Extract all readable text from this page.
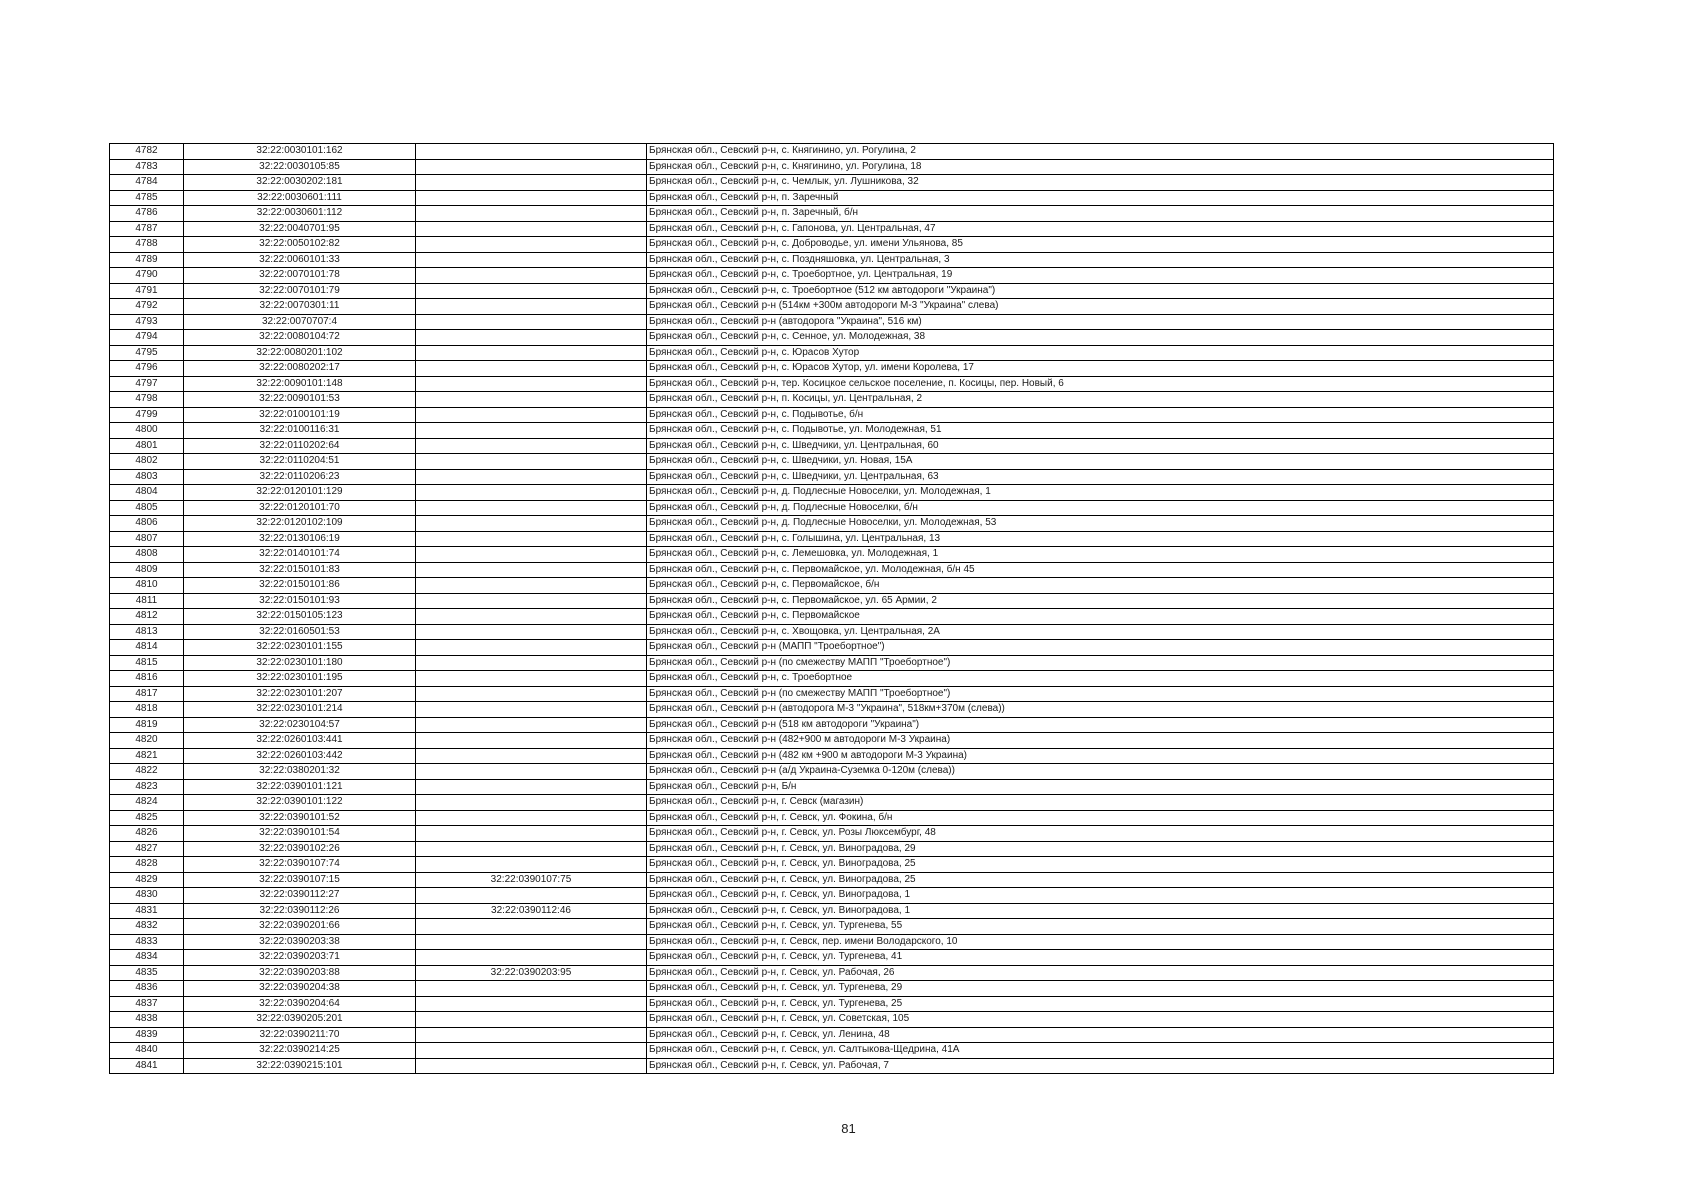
4782	32:22:0030101:162		Брянская обл., Севский р-н, с. Княгинино, ул. Рогулина, 2
4783	32:22:0030105:85		Брянская обл., Севский р-н, с. Княгинино, ул. Рогулина, 18
4784	32:22:0030202:181		Брянская обл., Севский р-н, с. Чемлык, ул. Лушникова, 32
4785	32:22:0030601:111		Брянская обл., Севский р-н, п. Заречный
4786	32:22:0030601:112		Брянская обл., Севский р-н, п. Заречный, б/н
4787	32:22:0040701:95		Брянская обл., Севский р-н, с. Гапонова, ул. Центральная, 47
4788	32:22:0050102:82		Брянская обл., Севский р-н, с. Доброводье, ул. имени Ульянова, 85
4789	32:22:0060101:33		Брянская обл., Севский р-н, с. Поздняшовка, ул. Центральная, 3
4790	32:22:0070101:78		Брянская обл., Севский р-н, с. Троебортное, ул. Центральная, 19
4791	32:22:0070101:79		Брянская обл., Севский р-н, с. Троебортное (512 км автодороги "Украина")
4792	32:22:0070301:11		Брянская обл., Севский р-н (514км +300м автодороги М-3 "Украина" слева)
4793	32:22:0070707:4		Брянская обл., Севский р-н (автодорога "Украина", 516 км)
4794	32:22:0080104:72		Брянская обл., Севский р-н, с. Сенное, ул. Молодежная, 38
4795	32:22:0080201:102		Брянская обл., Севский р-н, с. Юрасов Хутор
4796	32:22:0080202:17		Брянская обл., Севский р-н, с. Юрасов Хутор, ул. имени Королева, 17
4797	32:22:0090101:148		Брянская обл., Севский р-н, тер. Косицкое сельское поселение, п. Косицы, пер. Новый, 6
4798	32:22:0090101:53		Брянская обл., Севский р-н, п. Косицы, ул. Центральная, 2
4799	32:22:0100101:19		Брянская обл., Севский р-н, с. Подывотье, б/н
4800	32:22:0100116:31		Брянская обл., Севский р-н, с. Подывотье, ул. Молодежная, 51
4801	32:22:0110202:64		Брянская обл., Севский р-н, с. Шведчики, ул. Центральная, 60
4802	32:22:0110204:51		Брянская обл., Севский р-н, с. Шведчики, ул. Новая, 15А
4803	32:22:0110206:23		Брянская обл., Севский р-н, с. Шведчики, ул. Центральная, 63
4804	32:22:0120101:129		Брянская обл., Севский р-н, д. Подлесные Новоселки, ул. Молодежная, 1
4805	32:22:0120101:70		Брянская обл., Севский р-н, д. Подлесные Новоселки, б/н
4806	32:22:0120102:109		Брянская обл., Севский р-н, д. Подлесные Новоселки, ул. Молодежная, 53
4807	32:22:0130106:19		Брянская обл., Севский р-н, с. Голышина, ул. Центральная, 13
4808	32:22:0140101:74		Брянская обл., Севский р-н, с. Лемешовка, ул. Молодежная, 1
4809	32:22:0150101:83		Брянская обл., Севский р-н, с. Первомайское, ул. Молодежная, б/н 45
4810	32:22:0150101:86		Брянская обл., Севский р-н, с. Первомайское, б/н
4811	32:22:0150101:93		Брянская обл., Севский р-н, с. Первомайское, ул. 65 Армии, 2
4812	32:22:0150105:123		Брянская обл., Севский р-н, с. Первомайское
4813	32:22:0160501:53		Брянская обл., Севский р-н, с. Хвощовка, ул. Центральная, 2А
4814	32:22:0230101:155		Брянская обл., Севский р-н (МАПП "Троебортное")
4815	32:22:0230101:180		Брянская обл., Севский р-н (по смежеству МАПП "Троебортное")
4816	32:22:0230101:195		Брянская обл., Севский р-н, с. Троебортное
4817	32:22:0230101:207		Брянская обл., Севский р-н (по смежеству МАПП "Троебортное")
4818	32:22:0230101:214		Брянская обл., Севский р-н (автодорога М-3 "Украина", 518км+370м (слева))
4819	32:22:0230104:57		Брянская обл., Севский р-н (518 км автодороги "Украина")
4820	32:22:0260103:441		Брянская обл., Севский р-н (482+900 м автодороги М-3 Украина)
4821	32:22:0260103:442		Брянская обл., Севский р-н (482 км +900 м автодороги М-3 Украина)
4822	32:22:0380201:32		Брянская обл., Севский р-н (а/д Украина-Суземка 0-120м (слева))
4823	32:22:0390101:121		Брянская обл., Севский р-н, Б/н
4824	32:22:0390101:122		Брянская обл., Севский р-н, г. Севск (магазин)
4825	32:22:0390101:52		Брянская обл., Севский р-н, г. Севск, ул. Фокина, б/н
4826	32:22:0390101:54		Брянская обл., Севский р-н, г. Севск, ул. Розы Люксембург, 48
4827	32:22:0390102:26		Брянская обл., Севский р-н, г. Севск, ул. Виноградова, 29
4828	32:22:0390107:74		Брянская обл., Севский р-н, г. Севск, ул. Виноградова, 25
4829	32:22:0390107:15	32:22:0390107:75	Брянская обл., Севский р-н, г. Севск, ул. Виноградова, 25
4830	32:22:0390112:27		Брянская обл., Севский р-н, г. Севск, ул. Виноградова, 1
4831	32:22:0390112:26	32:22:0390112:46	Брянская обл., Севский р-н, г. Севск, ул. Виноградова, 1
4832	32:22:0390201:66		Брянская обл., Севский р-н, г. Севск, ул. Тургенева, 55
4833	32:22:0390203:38		Брянская обл., Севский р-н, г. Севск, пер. имени Володарского, 10
4834	32:22:0390203:71		Брянская обл., Севский р-н, г. Севск, ул. Тургенева, 41
4835	32:22:0390203:88	32:22:0390203:95	Брянская обл., Севский р-н, г. Севск, ул. Рабочая, 26
4836	32:22:0390204:38		Брянская обл., Севский р-н, г. Севск, ул. Тургенева, 29
4837	32:22:0390204:64		Брянская обл., Севский р-н, г. Севск, ул. Тургенева, 25
4838	32:22:0390205:201		Брянская обл., Севский р-н, г. Севск, ул. Советская, 105
4839	32:22:0390211:70		Брянская обл., Севский р-н, г. Севск, ул. Ленина, 48
4840	32:22:0390214:25		Брянская обл., Севский р-н, г. Севск, ул. Салтыкова-Щедрина, 41А
4841	32:22:0390215:101		Брянская обл., Севский р-н, г. Севск, ул. Рабочая, 7
81
